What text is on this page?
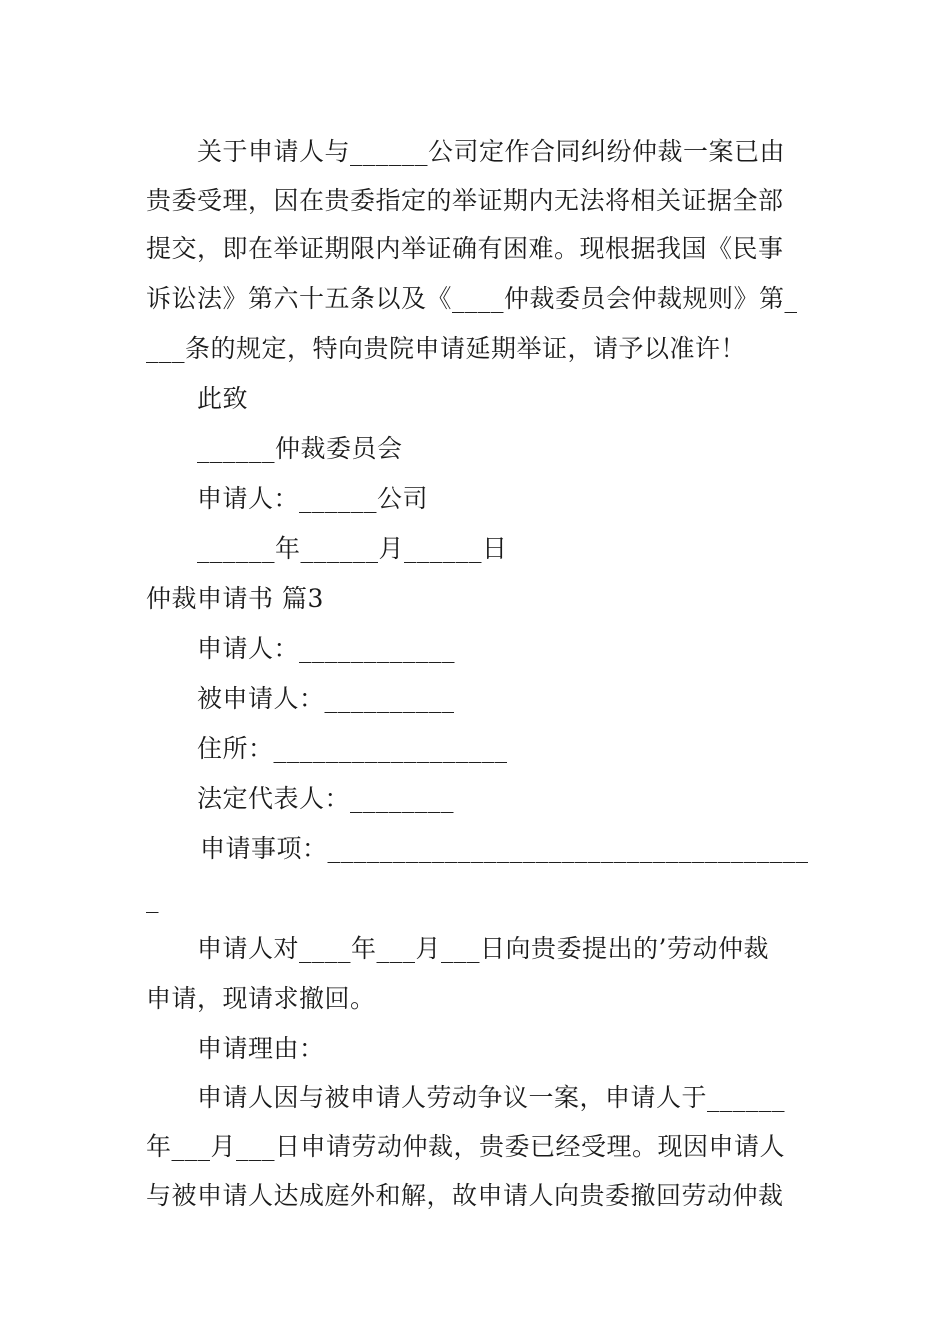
关于申请人与______公司定作合同纠纷仲裁一案已由
贵委受理，因在贵委指定的举证期内无法将相关证据全部
提交，即在举证期限内举证确有困难。现根据我国《民事
诉讼法》第六十五条以及《____仲裁委员会仲裁规则》第_
___条的规定，特向贵院申请延期举证，请予以准许！
此致
______仲裁委员会
申请人：______公司
______年______月______日
仲裁申请书 篇3
申请人：____________
被申请人：__________
住所：__________________
法定代表人：________
申请事项：_____________________________________
_
申请人对____年___月___日向贵委提出的’劳动仲裁
申请，现请求撤回。
申请理由：
申请人因与被申请人劳动争议一案，申请人于______
年___月___日申请劳动仲裁，贵委已经受理。现因申请人
与被申请人达成庭外和解，故申请人向贵委撤回劳动仲裁
